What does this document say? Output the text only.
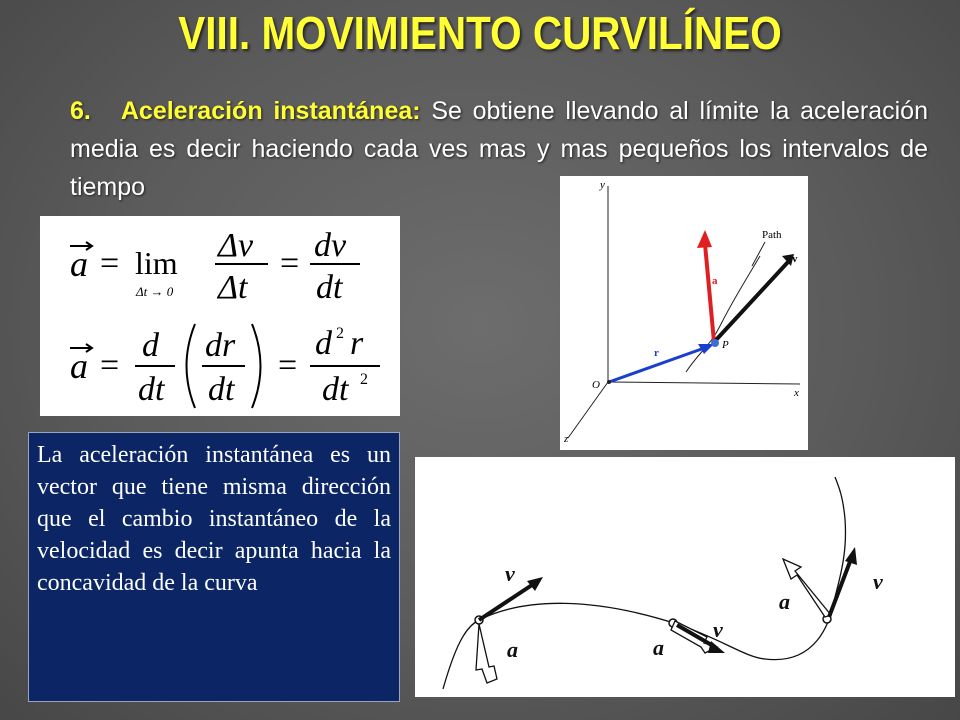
VIII. MOVIMIENTO CURVILÍNEO
6. Aceleración instantánea: Se obtiene llevando al límite la aceleración media es decir haciendo cada ves mas y mas pequeños los intervalos de tiempo
a = lim
Δt → 0
Δv
Δt
= dv
dt
a =
d
dt
dr
dt
=
d 2 r
dt 2
y
x
z
O
Path
r
a
v
P
v
a	a
v
a
v
La aceleración instantánea es un vector que tiene misma dirección que el cambio instantáneo de la velocidad es decir apunta hacia la concavidad de la curva
